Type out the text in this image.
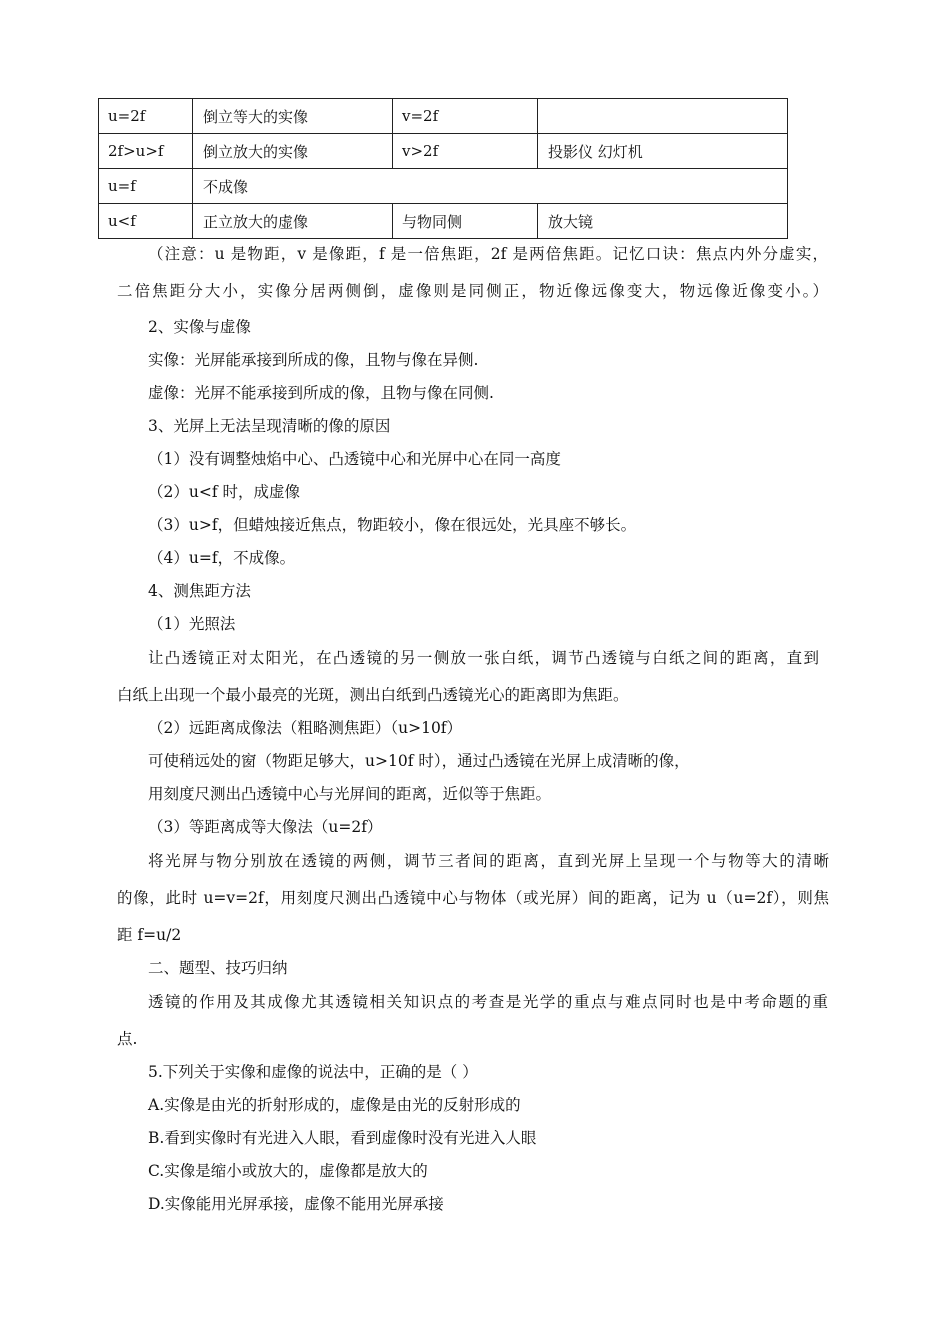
u=2f	倒立等大的实像	v=2f	
2f>u>f	倒立放大的实像	v>2f	投影仪 幻灯机
u=f	不成像		
u<f	正立放大的虚像	与物同侧	放大镜
（注意：u 是物距，v 是像距，f 是一倍焦距，2f 是两倍焦距。记忆口诀：焦点内外分虚实，
二倍焦距分大小，实像分居两侧倒，虚像则是同侧正，物近像远像变大，物远像近像变小。）
2、实像与虚像
实像：光屏能承接到所成的像，且物与像在异侧.
虚像：光屏不能承接到所成的像，且物与像在同侧.
3、光屏上无法呈现清晰的像的原因
（1）没有调整烛焰中心、凸透镜中心和光屏中心在同一高度
（2）u<f 时，成虚像
（3）u>f，但蜡烛接近焦点，物距较小，像在很远处，光具座不够长。
（4）u=f，不成像。
4、测焦距方法
（1）光照法
让凸透镜正对太阳光，在凸透镜的另一侧放一张白纸，调节凸透镜与白纸之间的距离，直到
白纸上出现一个最小最亮的光斑，测出白纸到凸透镜光心的距离即为焦距。
（2）远距离成像法（粗略测焦距）（u>10f）
可使稍远处的窗（物距足够大，u>10f 时），通过凸透镜在光屏上成清晰的像，
用刻度尺测出凸透镜中心与光屏间的距离，近似等于焦距。
（3）等距离成等大像法（u=2f）
将光屏与物分别放在透镜的两侧，调节三者间的距离，直到光屏上呈现一个与物等大的清晰
的像，此时 u=v=2f，用刻度尺测出凸透镜中心与物体（或光屏）间的距离，记为 u（u=2f），则焦
距 f=u/2
二、题型、技巧归纳
透镜的作用及其成像尤其透镜相关知识点的考查是光学的重点与难点同时也是中考命题的重
点.
5.下列关于实像和虚像的说法中，正确的是（ ）
A.实像是由光的折射形成的，虚像是由光的反射形成的
B.看到实像时有光进入人眼，看到虚像时没有光进入人眼
C.实像是缩小或放大的，虚像都是放大的
D.实像能用光屏承接，虚像不能用光屏承接
